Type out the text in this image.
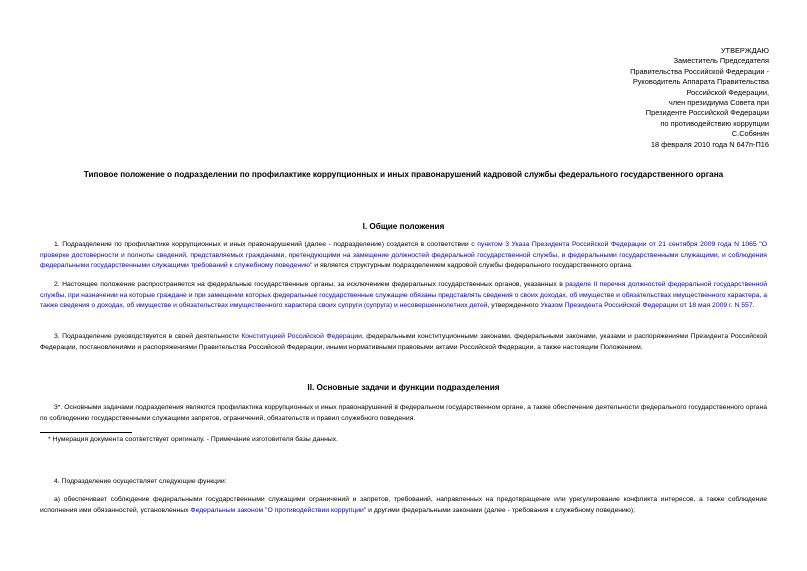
УТВЕРЖДАЮ
Заместитель Председателя
Правительства Российской Федерации -
Руководитель Аппарата Правительства
Российской Федерации,
член президиума Совета при
Президенте Российской Федерации
по противодействию коррупции
С.Собянин
18 февраля 2010 года N 647п-П16
Типовое положение о подразделении по профилактике коррупционных и иных правонарушений кадровой службы федерального государственного органа
I. Общие положения
1. Подразделение по профилактике коррупционных и иных правонарушений (далее - подразделение) создается в соответствии с пунктом 3 Указа Президента Российской Федерации от 21 сентября 2009 года N 1065 "О проверке достоверности и полноты сведений, представляемых гражданами, претендующими на замещение должностей федеральной государственной службы, и федеральными государственными служащими, и соблюдения федеральными государственными служащими требований к служебному поведению" и является структурным подразделением кадровой службы федерального государственного органа.
2. Настоящее положение распространяется на федеральные государственные органы, за исключением федеральных государственных органов, указанных в разделе II перечня должностей федеральной государственной службы, при назначении на которые граждане и при замещении которых федеральные государственные служащие обязаны представлять сведения о своих доходах, об имуществе и обязательствах имущественного характера, а также сведения о доходах, об имуществе и обязательствах имущественного характера своих супруги (супруга) и несовершеннолетних детей, утвержденного Указом Президента Российской Федерации от 18 мая 2009 г. N 557.
3. Подразделение руководствуется в своей деятельности Конституцией Российской Федерации, федеральными конституционными законами, федеральными законами, указами и распоряжениями Президента Российской Федерации, постановлениями и распоряжениями Правительства Российской Федерации, иными нормативными правовыми актами Российской Федерации, а также настоящим Положением.
II. Основные задачи и функции подразделения
3*. Основными задачами подразделения являются профилактика коррупционных и иных правонарушений в федеральном государственном органе, а также обеспечение деятельности федерального государственного органа по соблюдению государственными служащими запретов, ограничений, обязательств и правил служебного поведения.
* Нумерация документа соответствует оригиналу. - Примечание изготовителя базы данных.
4. Подразделение осуществляет следующие функции:
а) обеспечивает соблюдение федеральными государственными служащими ограничений и запретов, требований, направленных на предотвращение или урегулирование конфликта интересов, а также соблюдение исполнения ими обязанностей, установленных Федеральным законом "О противодействии коррупции" и другими федеральными законами (далее - требования к служебному поведению);
